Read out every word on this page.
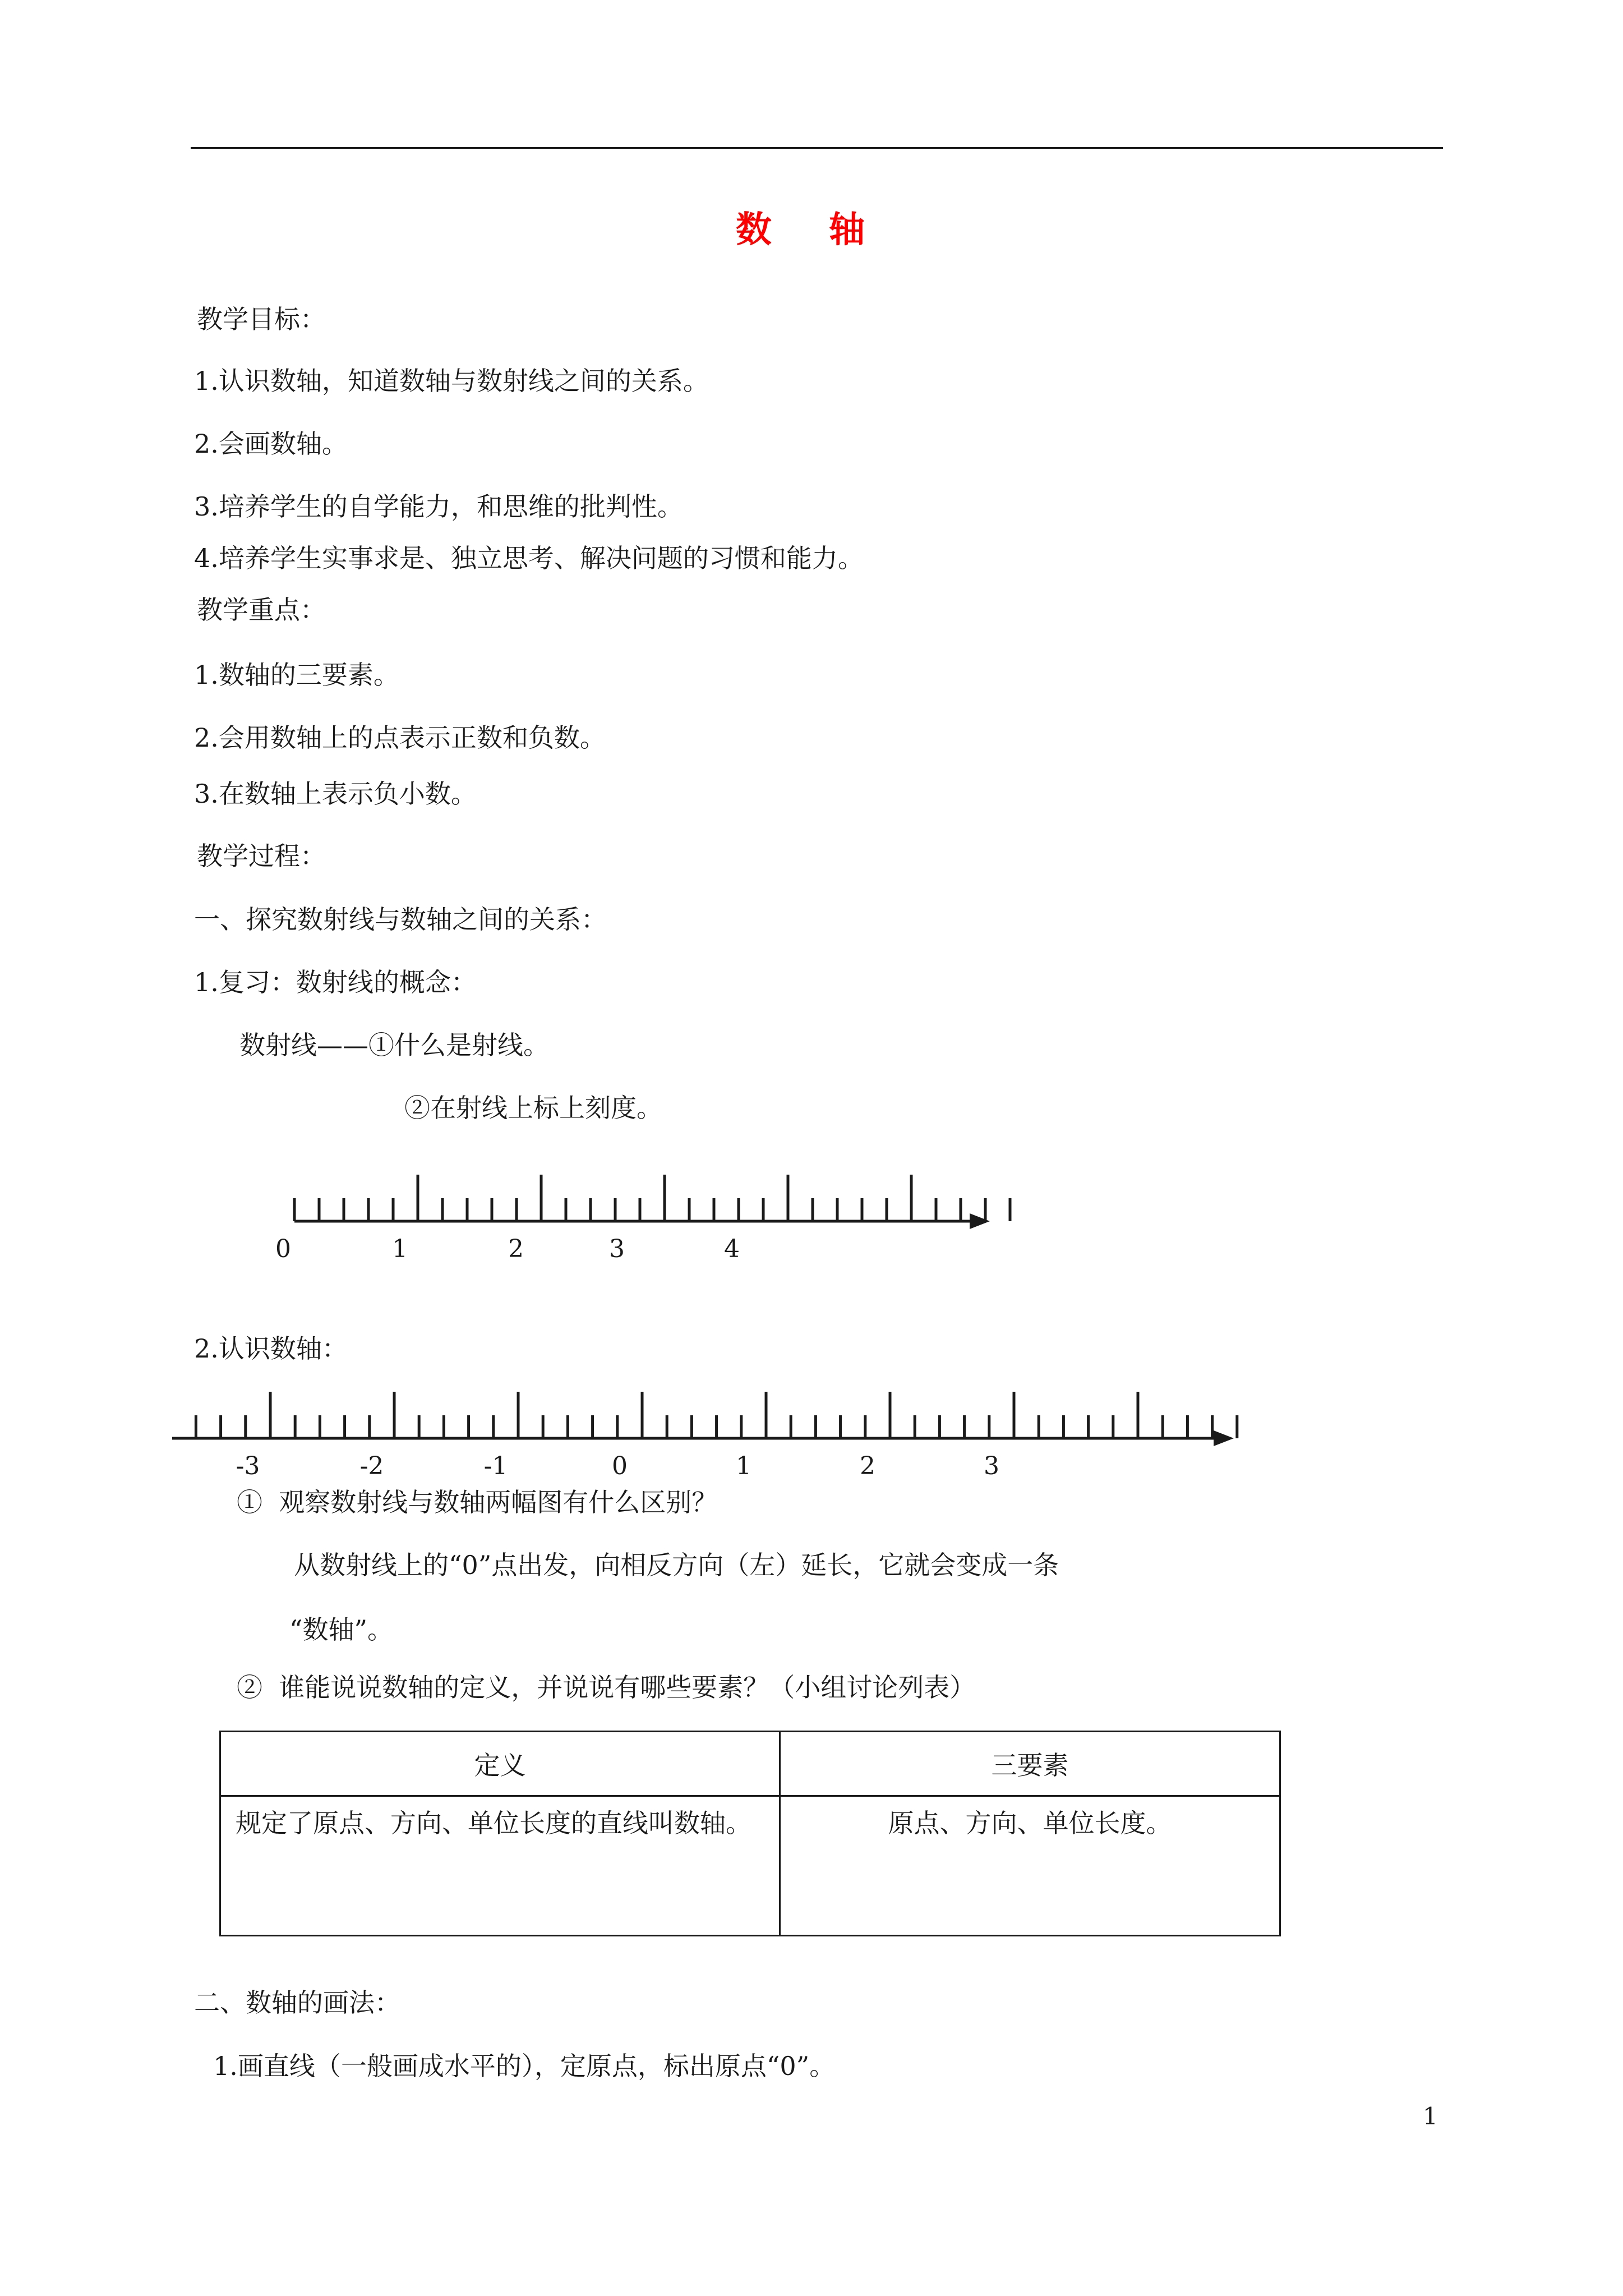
数 轴
教学目标：
1.认识数轴，知道数轴与数射线之间的关系。
2.会画数轴。
3.培养学生的自学能力，和思维的批判性。
4.培养学生实事求是、独立思考、解决问题的习惯和能力。
教学重点：
1.数轴的三要素。
2.会用数轴上的点表示正数和负数。
3.在数轴上表示负小数。
教学过程：
一、探究数射线与数轴之间的关系：
1.复习：数射线的概念：
数射线——①什么是射线。
②在射线上标上刻度。
2.认识数轴：
①  观察数射线与数轴两幅图有什么区别？
从数射线上的“0”点出发，向相反方向（左）延长，它就会变成一条
“数轴”。
②  谁能说说数轴的定义，并说说有哪些要素？（小组讨论列表）
定义	三要素

规定了原点、方向、单位长度的直线叫数轴。	原点、方向、单位长度。
二、数轴的画法：
1.画直线（一般画成水平的），定原点，标出原点“0”。
1
0	1	2	3	4
-3	-2	-1	0	1	2	3
